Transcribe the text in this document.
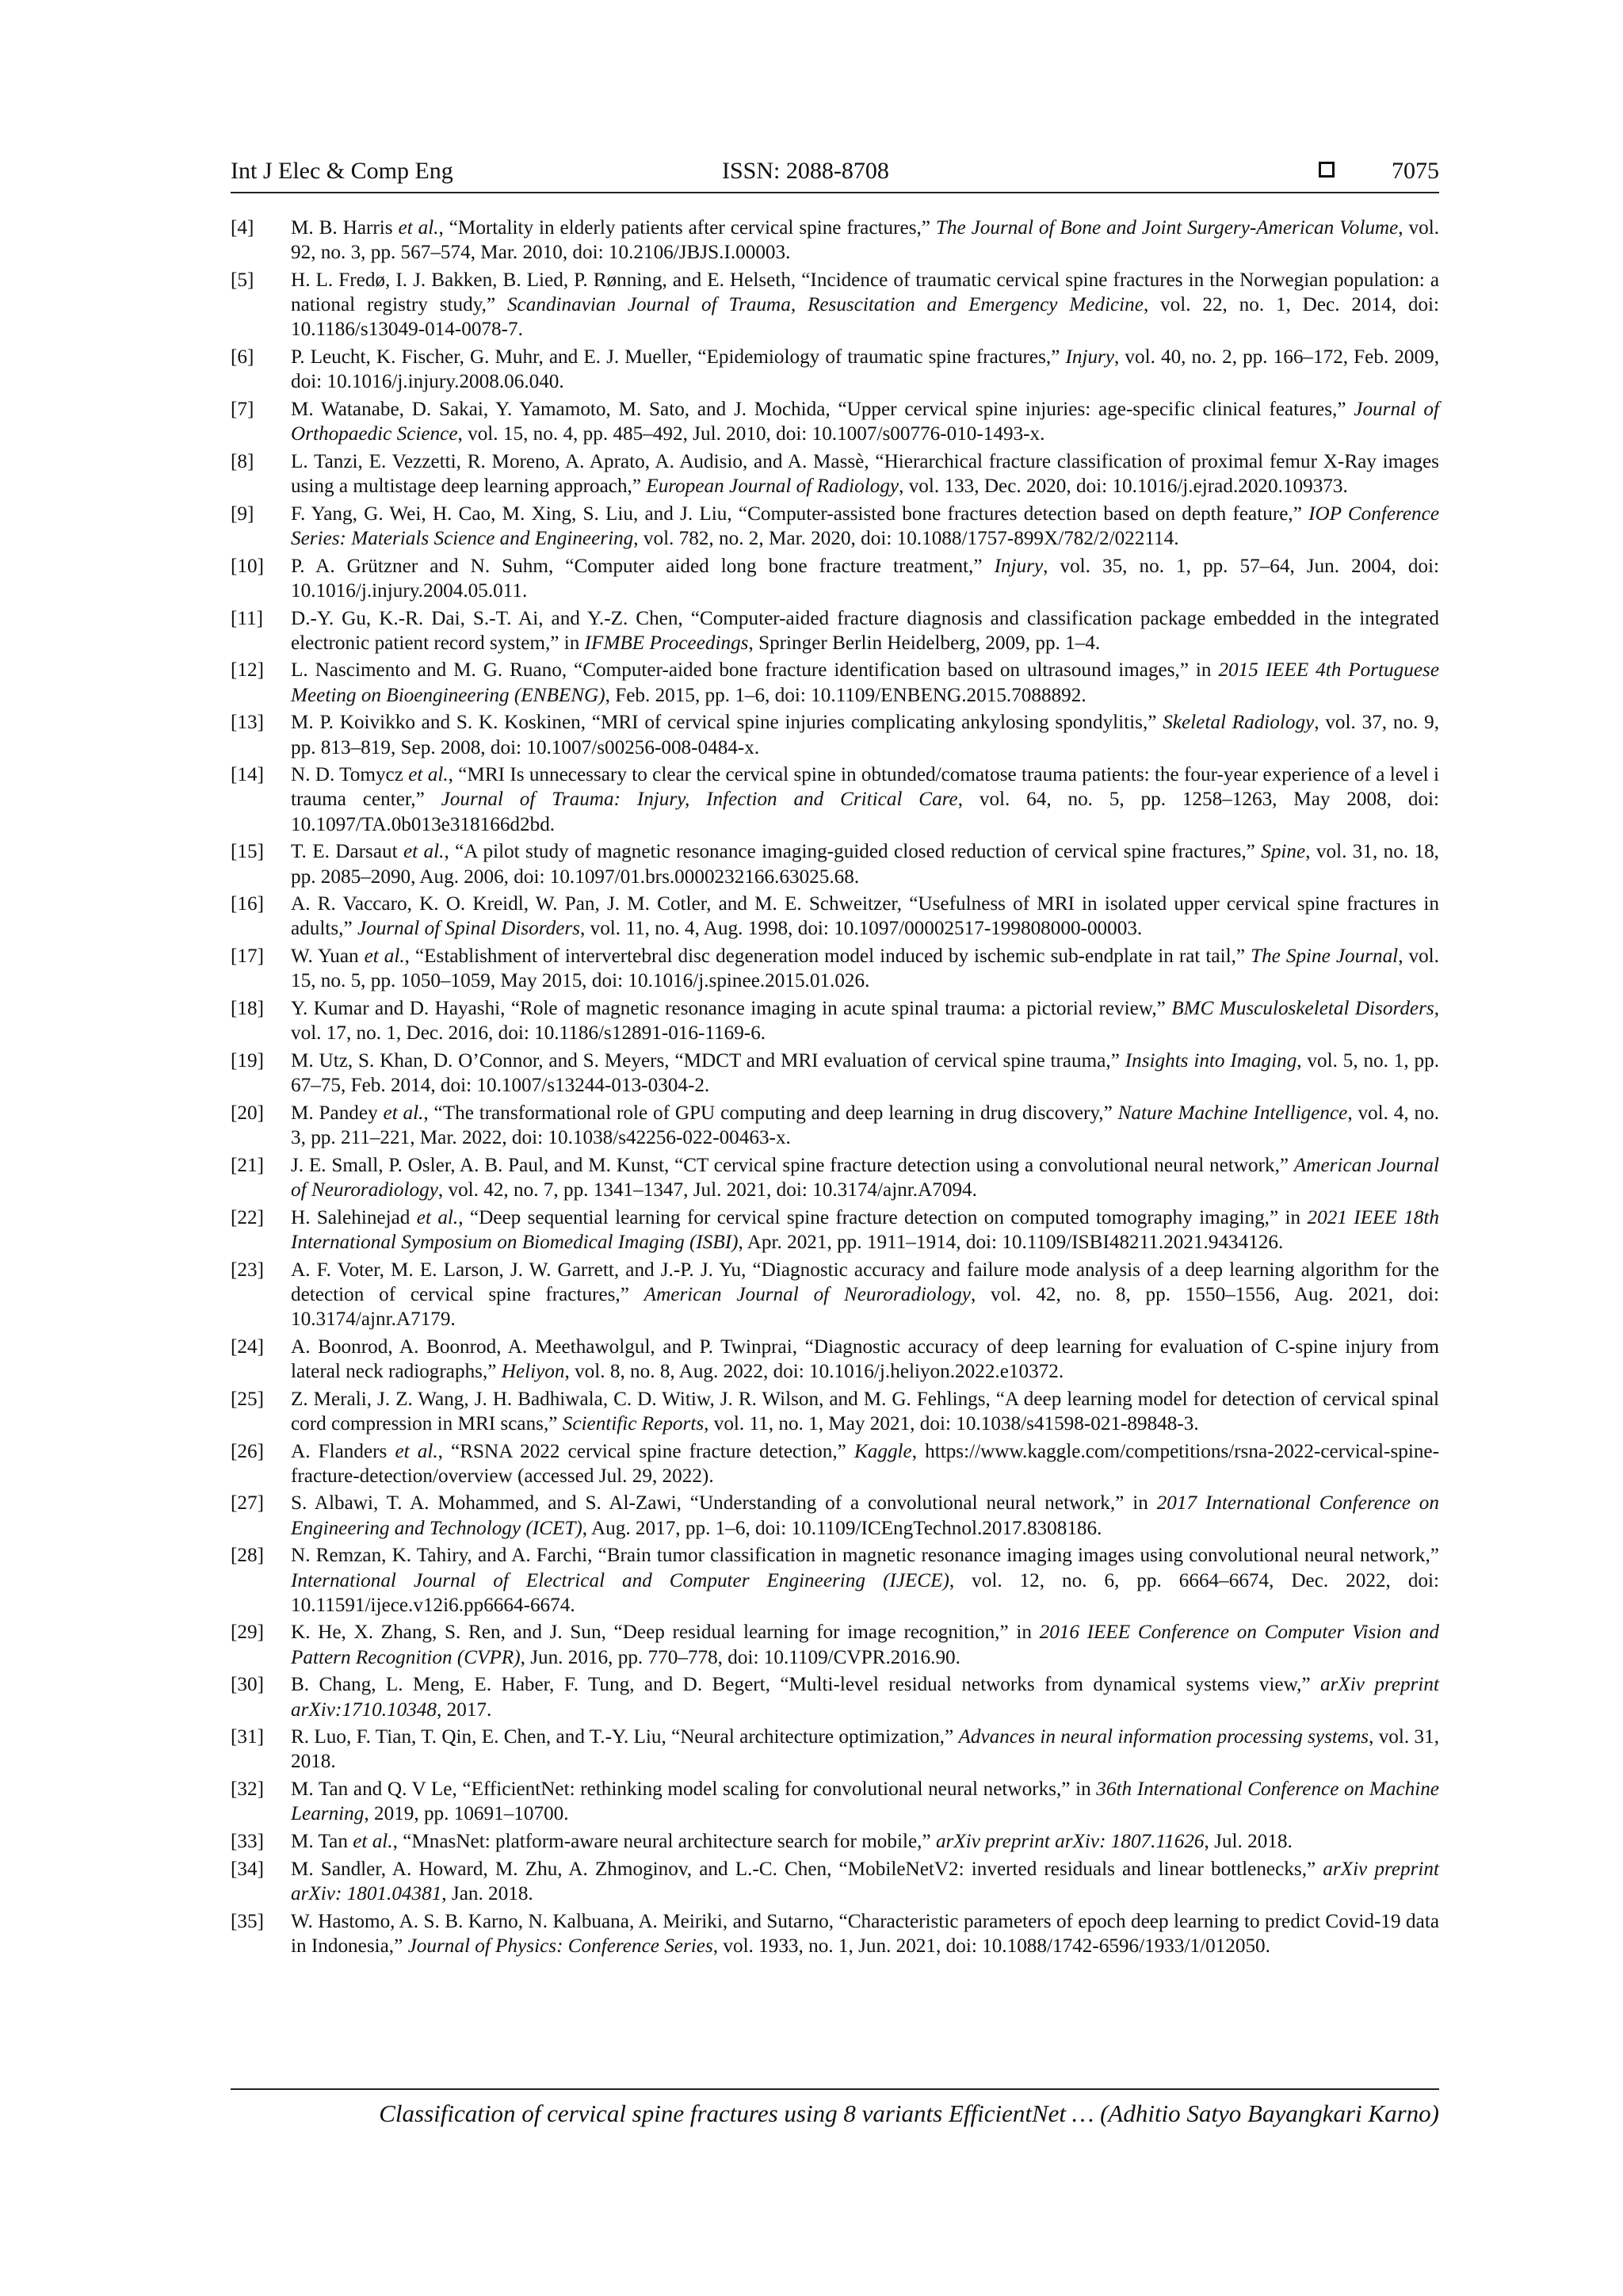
Int J Elec & Comp Eng	ISSN: 2088-8708	7075
[4] M. B. Harris et al., “Mortality in elderly patients after cervical spine fractures,” The Journal of Bone and Joint Surgery-American Volume, vol. 92, no. 3, pp. 567–574, Mar. 2010, doi: 10.2106/JBJS.I.00003.
[5] H. L. Fredø, I. J. Bakken, B. Lied, P. Rønning, and E. Helseth, “Incidence of traumatic cervical spine fractures in the Norwegian population: a national registry study,” Scandinavian Journal of Trauma, Resuscitation and Emergency Medicine, vol. 22, no. 1, Dec. 2014, doi: 10.1186/s13049-014-0078-7.
[6] P. Leucht, K. Fischer, G. Muhr, and E. J. Mueller, “Epidemiology of traumatic spine fractures,” Injury, vol. 40, no. 2, pp. 166–172, Feb. 2009, doi: 10.1016/j.injury.2008.06.040.
[7] M. Watanabe, D. Sakai, Y. Yamamoto, M. Sato, and J. Mochida, “Upper cervical spine injuries: age-specific clinical features,” Journal of Orthopaedic Science, vol. 15, no. 4, pp. 485–492, Jul. 2010, doi: 10.1007/s00776-010-1493-x.
[8] L. Tanzi, E. Vezzetti, R. Moreno, A. Aprato, A. Audisio, and A. Massè, “Hierarchical fracture classification of proximal femur X-Ray images using a multistage deep learning approach,” European Journal of Radiology, vol. 133, Dec. 2020, doi: 10.1016/j.ejrad.2020.109373.
[9] F. Yang, G. Wei, H. Cao, M. Xing, S. Liu, and J. Liu, “Computer-assisted bone fractures detection based on depth feature,” IOP Conference Series: Materials Science and Engineering, vol. 782, no. 2, Mar. 2020, doi: 10.1088/1757-899X/782/2/022114.
[10] P. A. Grützner and N. Suhm, “Computer aided long bone fracture treatment,” Injury, vol. 35, no. 1, pp. 57–64, Jun. 2004, doi: 10.1016/j.injury.2004.05.011.
[11] D.-Y. Gu, K.-R. Dai, S.-T. Ai, and Y.-Z. Chen, “Computer-aided fracture diagnosis and classification package embedded in the integrated electronic patient record system,” in IFMBE Proceedings, Springer Berlin Heidelberg, 2009, pp. 1–4.
[12] L. Nascimento and M. G. Ruano, “Computer-aided bone fracture identification based on ultrasound images,” in 2015 IEEE 4th Portuguese Meeting on Bioengineering (ENBENG), Feb. 2015, pp. 1–6, doi: 10.1109/ENBENG.2015.7088892.
[13] M. P. Koivikko and S. K. Koskinen, “MRI of cervical spine injuries complicating ankylosing spondylitis,” Skeletal Radiology, vol. 37, no. 9, pp. 813–819, Sep. 2008, doi: 10.1007/s00256-008-0484-x.
[14] N. D. Tomycz et al., “MRI Is unnecessary to clear the cervical spine in obtunded/comatose trauma patients: the four-year experience of a level i trauma center,” Journal of Trauma: Injury, Infection and Critical Care, vol. 64, no. 5, pp. 1258–1263, May 2008, doi: 10.1097/TA.0b013e318166d2bd.
[15] T. E. Darsaut et al., “A pilot study of magnetic resonance imaging-guided closed reduction of cervical spine fractures,” Spine, vol. 31, no. 18, pp. 2085–2090, Aug. 2006, doi: 10.1097/01.brs.0000232166.63025.68.
[16] A. R. Vaccaro, K. O. Kreidl, W. Pan, J. M. Cotler, and M. E. Schweitzer, “Usefulness of MRI in isolated upper cervical spine fractures in adults,” Journal of Spinal Disorders, vol. 11, no. 4, Aug. 1998, doi: 10.1097/00002517-199808000-00003.
[17] W. Yuan et al., “Establishment of intervertebral disc degeneration model induced by ischemic sub-endplate in rat tail,” The Spine Journal, vol. 15, no. 5, pp. 1050–1059, May 2015, doi: 10.1016/j.spinee.2015.01.026.
[18] Y. Kumar and D. Hayashi, “Role of magnetic resonance imaging in acute spinal trauma: a pictorial review,” BMC Musculoskeletal Disorders, vol. 17, no. 1, Dec. 2016, doi: 10.1186/s12891-016-1169-6.
[19] M. Utz, S. Khan, D. O’Connor, and S. Meyers, “MDCT and MRI evaluation of cervical spine trauma,” Insights into Imaging, vol. 5, no. 1, pp. 67–75, Feb. 2014, doi: 10.1007/s13244-013-0304-2.
[20] M. Pandey et al., “The transformational role of GPU computing and deep learning in drug discovery,” Nature Machine Intelligence, vol. 4, no. 3, pp. 211–221, Mar. 2022, doi: 10.1038/s42256-022-00463-x.
[21] J. E. Small, P. Osler, A. B. Paul, and M. Kunst, “CT cervical spine fracture detection using a convolutional neural network,” American Journal of Neuroradiology, vol. 42, no. 7, pp. 1341–1347, Jul. 2021, doi: 10.3174/ajnr.A7094.
[22] H. Salehinejad et al., “Deep sequential learning for cervical spine fracture detection on computed tomography imaging,” in 2021 IEEE 18th International Symposium on Biomedical Imaging (ISBI), Apr. 2021, pp. 1911–1914, doi: 10.1109/ISBI48211.2021.9434126.
[23] A. F. Voter, M. E. Larson, J. W. Garrett, and J.-P. J. Yu, “Diagnostic accuracy and failure mode analysis of a deep learning algorithm for the detection of cervical spine fractures,” American Journal of Neuroradiology, vol. 42, no. 8, pp. 1550–1556, Aug. 2021, doi: 10.3174/ajnr.A7179.
[24] A. Boonrod, A. Boonrod, A. Meethawolgul, and P. Twinprai, “Diagnostic accuracy of deep learning for evaluation of C-spine injury from lateral neck radiographs,” Heliyon, vol. 8, no. 8, Aug. 2022, doi: 10.1016/j.heliyon.2022.e10372.
[25] Z. Merali, J. Z. Wang, J. H. Badhiwala, C. D. Witiw, J. R. Wilson, and M. G. Fehlings, “A deep learning model for detection of cervical spinal cord compression in MRI scans,” Scientific Reports, vol. 11, no. 1, May 2021, doi: 10.1038/s41598-021-89848-3.
[26] A. Flanders et al., “RSNA 2022 cervical spine fracture detection,” Kaggle, https://www.kaggle.com/competitions/rsna-2022-cervical-spine-fracture-detection/overview (accessed Jul. 29, 2022).
[27] S. Albawi, T. A. Mohammed, and S. Al-Zawi, “Understanding of a convolutional neural network,” in 2017 International Conference on Engineering and Technology (ICET), Aug. 2017, pp. 1–6, doi: 10.1109/ICEngTechnol.2017.8308186.
[28] N. Remzan, K. Tahiry, and A. Farchi, “Brain tumor classification in magnetic resonance imaging images using convolutional neural network,” International Journal of Electrical and Computer Engineering (IJECE), vol. 12, no. 6, pp. 6664–6674, Dec. 2022, doi: 10.11591/ijece.v12i6.pp6664-6674.
[29] K. He, X. Zhang, S. Ren, and J. Sun, “Deep residual learning for image recognition,” in 2016 IEEE Conference on Computer Vision and Pattern Recognition (CVPR), Jun. 2016, pp. 770–778, doi: 10.1109/CVPR.2016.90.
[30] B. Chang, L. Meng, E. Haber, F. Tung, and D. Begert, “Multi-level residual networks from dynamical systems view,” arXiv preprint arXiv:1710.10348, 2017.
[31] R. Luo, F. Tian, T. Qin, E. Chen, and T.-Y. Liu, “Neural architecture optimization,” Advances in neural information processing systems, vol. 31, 2018.
[32] M. Tan and Q. V Le, “EfficientNet: rethinking model scaling for convolutional neural networks,” in 36th International Conference on Machine Learning, 2019, pp. 10691–10700.
[33] M. Tan et al., “MnasNet: platform-aware neural architecture search for mobile,” arXiv preprint arXiv: 1807.11626, Jul. 2018.
[34] M. Sandler, A. Howard, M. Zhu, A. Zhmoginov, and L.-C. Chen, “MobileNetV2: inverted residuals and linear bottlenecks,” arXiv preprint arXiv: 1801.04381, Jan. 2018.
[35] W. Hastomo, A. S. B. Karno, N. Kalbuana, A. Meiriki, and Sutarno, “Characteristic parameters of epoch deep learning to predict Covid-19 data in Indonesia,” Journal of Physics: Conference Series, vol. 1933, no. 1, Jun. 2021, doi: 10.1088/1742-6596/1933/1/012050.
Classification of cervical spine fractures using 8 variants EfficientNet … (Adhitio Satyo Bayangkari Karno)
